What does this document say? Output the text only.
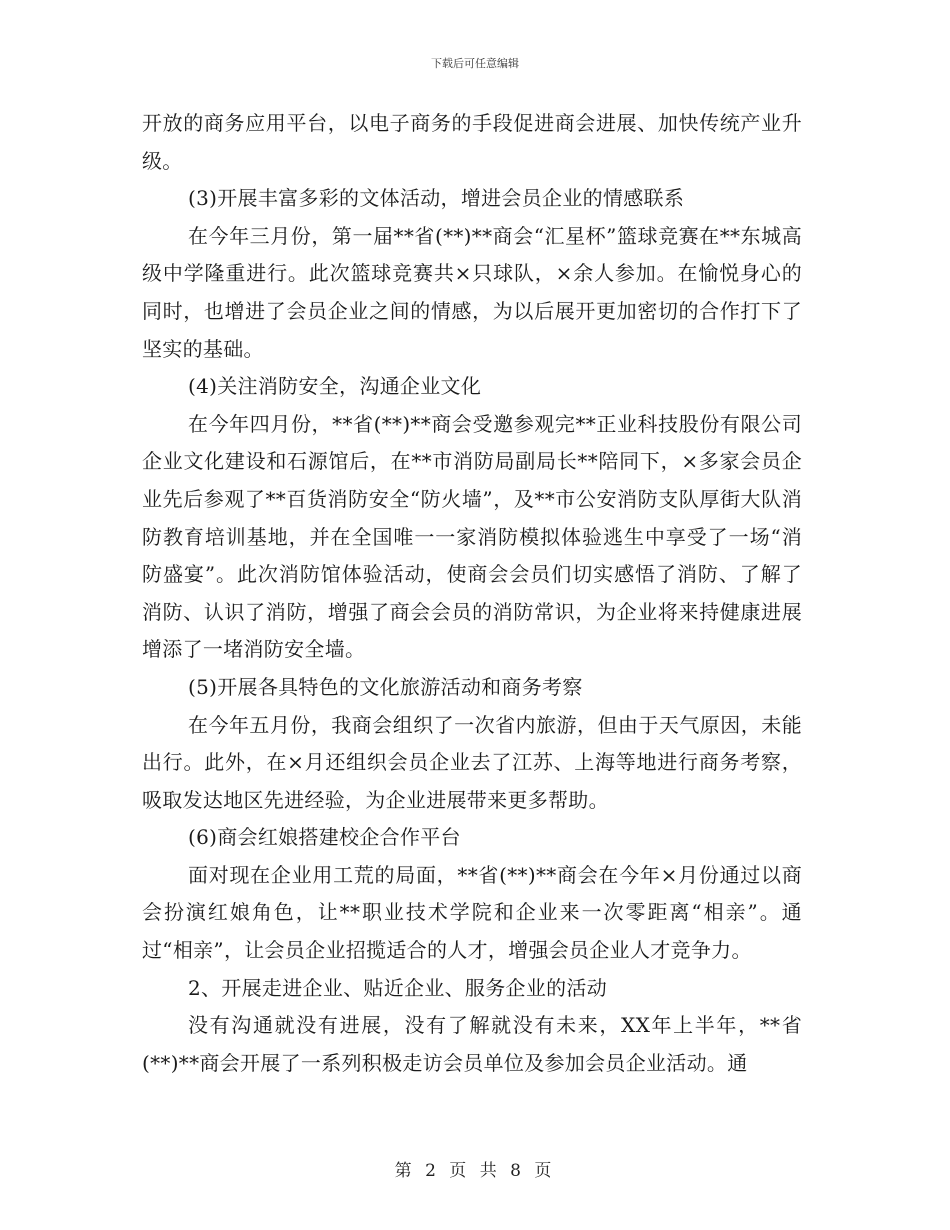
下载后可任意编辑

开放的商务应用平台，以电子商务的手段促进商会进展、加快传统产业升级。

(3)开展丰富多彩的文体活动，增进会员企业的情感联系

在今年三月份，第一届**省(**)**商会“汇星杯”篮球竞赛在**东城高级中学隆重进行。此次篮球竞赛共×只球队，×余人参加。在愉悦身心的同时，也增进了会员企业之间的情感，为以后展开更加密切的合作打下了坚实的基础。

(4)关注消防安全，沟通企业文化

在今年四月份，**省(**)**商会受邀参观完**正业科技股份有限公司企业文化建设和石源馆后，在**市消防局副局长**陪同下，×多家会员企业先后参观了**百货消防安全“防火墙”，及**市公安消防支队厚街大队消防教育培训基地，并在全国唯一一家消防模拟体验逃生中享受了一场“消防盛宴”。此次消防馆体验活动，使商会会员们切实感悟了消防、了解了消防、认识了消防，增强了商会会员的消防常识，为企业将来持健康进展增添了一堵消防安全墙。

(5)开展各具特色的文化旅游活动和商务考察

在今年五月份，我商会组织了一次省内旅游，但由于天气原因，未能出行。此外，在×月还组织会员企业去了江苏、上海等地进行商务考察，吸取发达地区先进经验，为企业进展带来更多帮助。

(6)商会红娘搭建校企合作平台

面对现在企业用工荒的局面，**省(**)**商会在今年×月份通过以商会扮演红娘角色，让**职业技术学院和企业来一次零距离“相亲”。通过“相亲”，让会员企业招揽适合的人才，增强会员企业人才竞争力。

2、开展走进企业、贴近企业、服务企业的活动

没有沟通就没有进展，没有了解就没有未来，XX年上半年，**省(**)**商会开展了一系列积极走访会员单位及参加会员企业活动。通

第 2 页 共 8 页
